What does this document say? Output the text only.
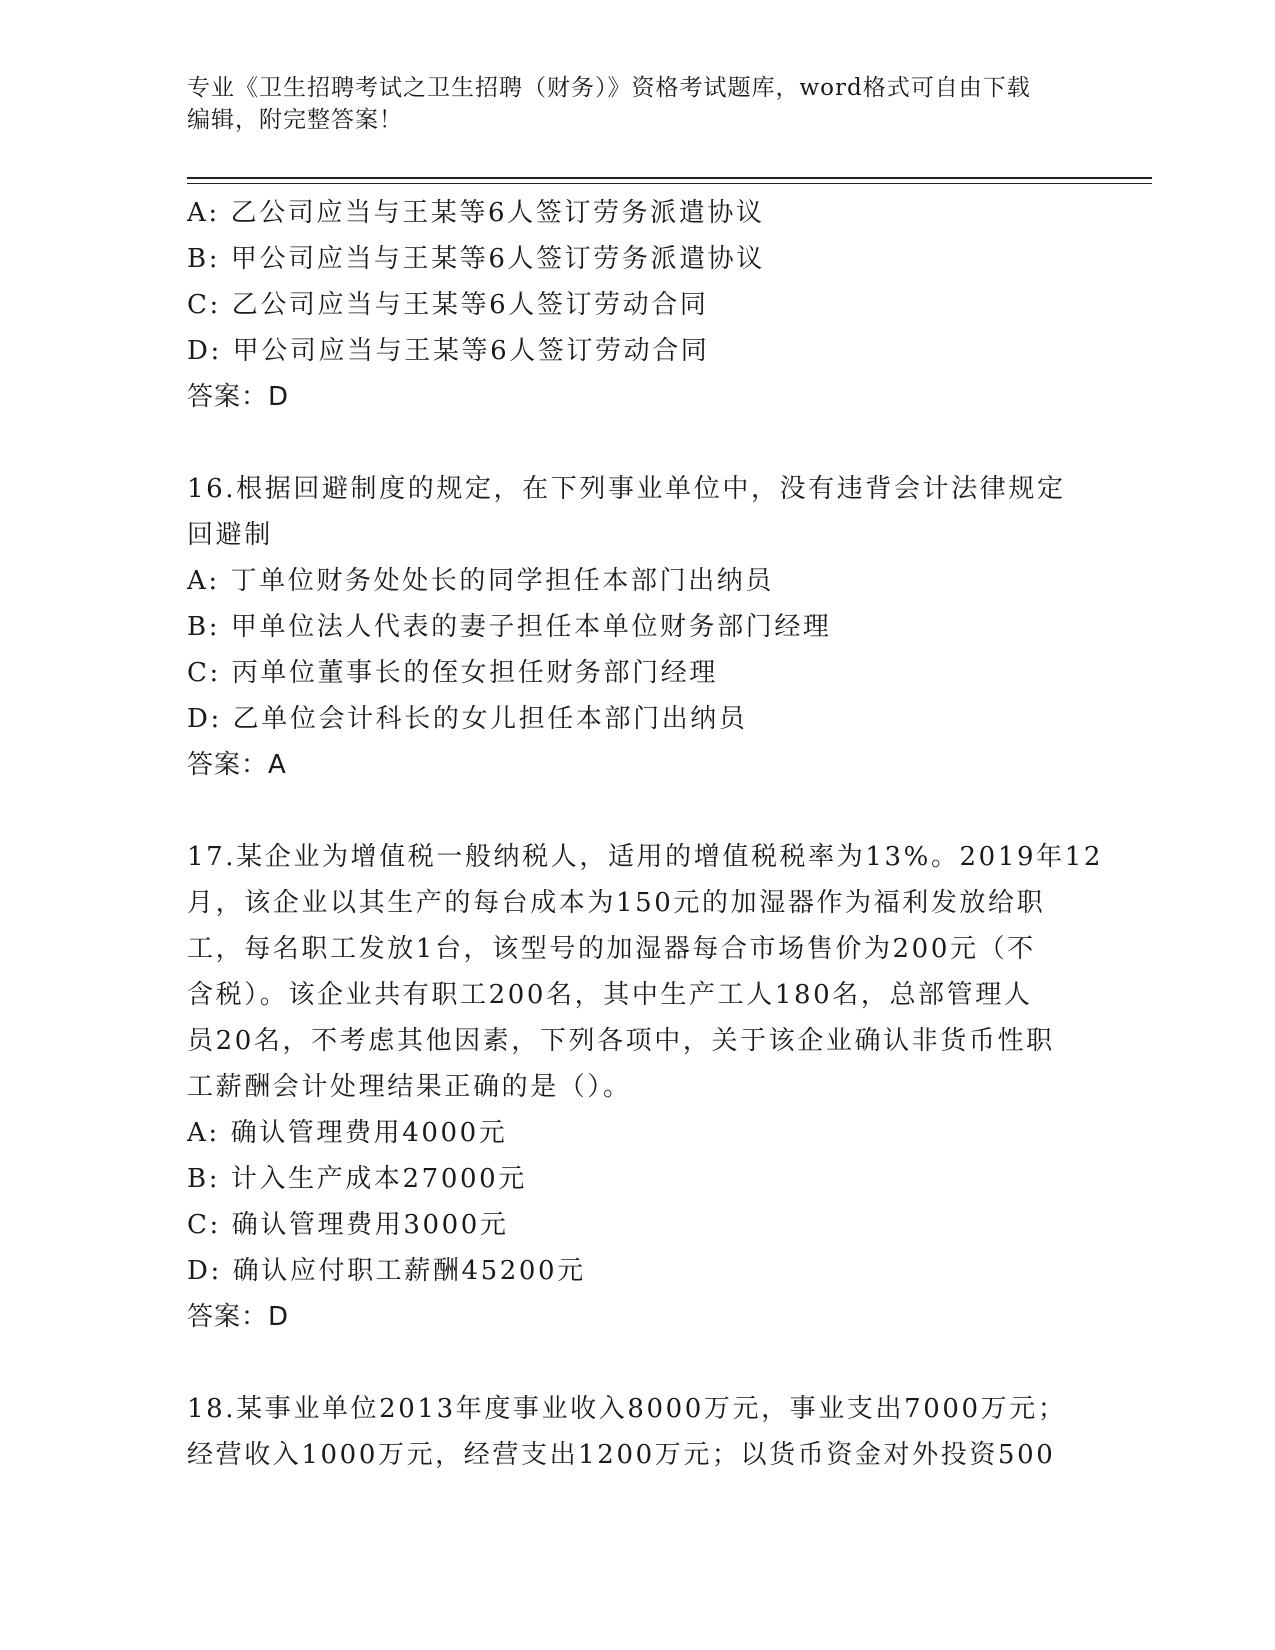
专业《卫生招聘考试之卫生招聘（财务）》资格考试题库，word格式可自由下载
编辑，附完整答案！
A: 乙公司应当与王某等6人签订劳务派遣协议
B: 甲公司应当与王某等6人签订劳务派遣协议
C: 乙公司应当与王某等6人签订劳动合同
D: 甲公司应当与王某等6人签订劳动合同
答案：D
16.根据回避制度的规定，在下列事业单位中，没有违背会计法律规定
回避制
A: 丁单位财务处处长的同学担任本部门出纳员
B: 甲单位法人代表的妻子担任本单位财务部门经理
C: 丙单位董事长的侄女担任财务部门经理
D: 乙单位会计科长的女儿担任本部门出纳员
答案：A
17.某企业为增值税一般纳税人，适用的增值税税率为13%。2019年12
月，该企业以其生产的每台成本为150元的加湿器作为福利发放给职
工，每名职工发放1台，该型号的加湿器每合市场售价为200元（不
含税）。该企业共有职工200名，其中生产工人180名，总部管理人
员20名，不考虑其他因素，下列各项中，关于该企业确认非货币性职
工薪酬会计处理结果正确的是（）。
A: 确认管理费用4000元
B: 计入生产成本27000元
C: 确认管理费用3000元
D: 确认应付职工薪酬45200元
答案：D
18.某事业单位2013年度事业收入8000万元，事业支出7000万元；
经营收入1000万元，经营支出1200万元；以货币资金对外投资500
